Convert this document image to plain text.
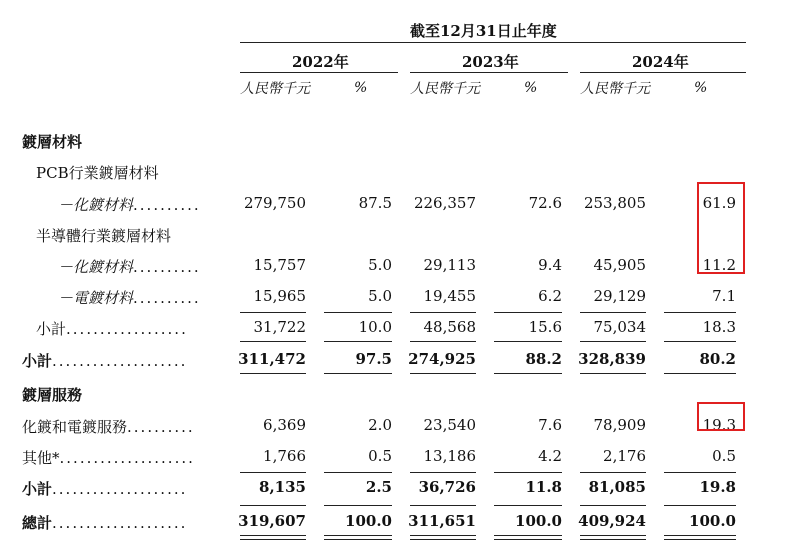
截至12月31日止年度
2022年	2023年	2024年
人民幣千元	%	人民幣千元	%	人民幣千元	%
鍍層材料
PCB行業鍍層材料
－化鍍材料..........	279,750	87.5	226,357	72.6	253,805	61.9
半導體行業鍍層材料
－化鍍材料..........	15,757	5.0	29,113	9.4	45,905	11.2
－電鍍材料..........	15,965	5.0	19,455	6.2	29,129	7.1
小計..................	31,722	10.0	48,568	15.6	75,034	18.3
小計....................	311,472	97.5	274,925	88.2	328,839	80.2
鍍層服務
化鍍和電鍍服務..........	6,369	2.0	23,540	7.6	78,909	19.3
其他*....................	1,766	0.5	13,186	4.2	2,176	0.5
小計....................	8,135	2.5	36,726	11.8	81,085	19.8
總計....................	319,607	100.0	311,651	100.0	409,924	100.0
